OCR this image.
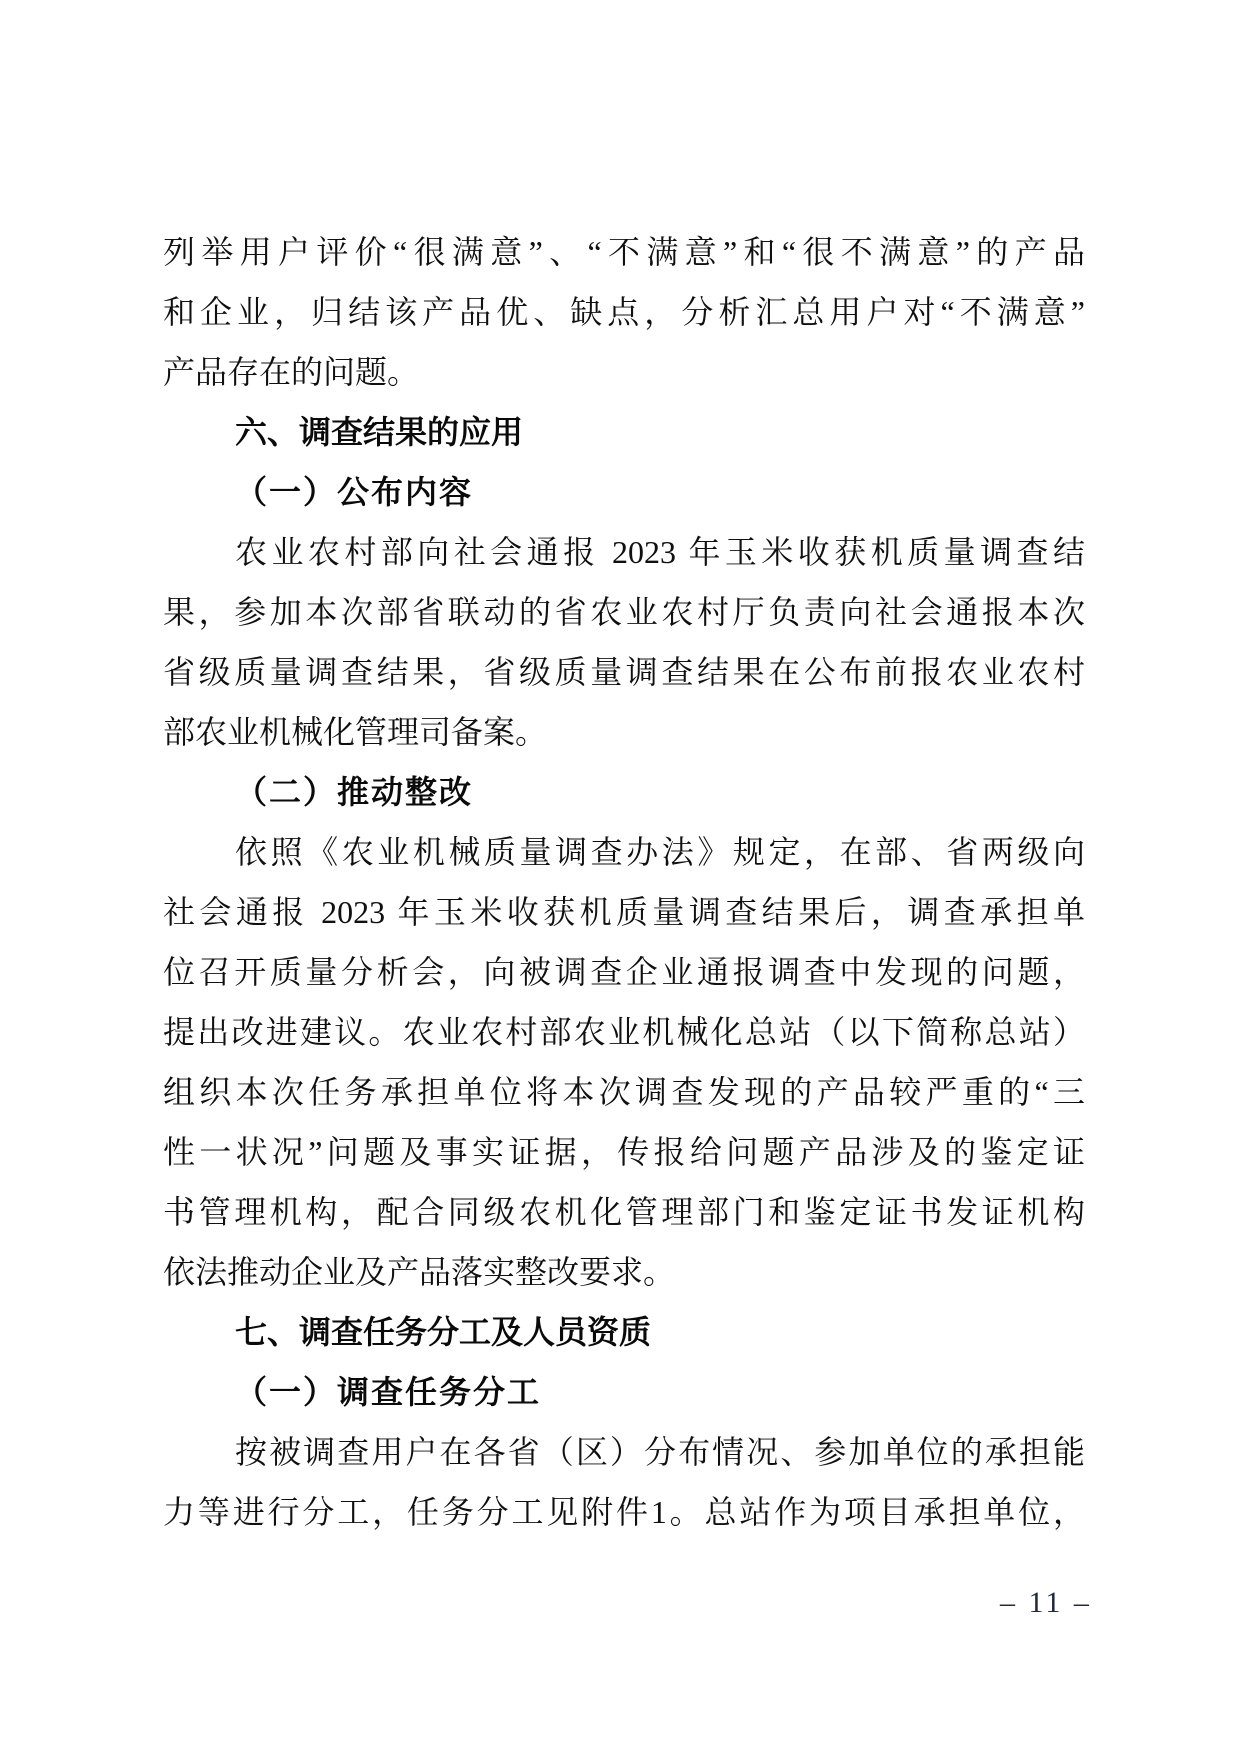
列举用户评价“很满意”、“不满意”和“很不满意”的产品
和企业，归结该产品优、缺点，分析汇总用户对“不满意”
产品存在的问题。
六、调查结果的应用
（一）公布内容
农业农村部向社会通报 2023 年玉米收获机质量调查结
果，参加本次部省联动的省农业农村厅负责向社会通报本次
省级质量调查结果，省级质量调查结果在公布前报农业农村
部农业机械化管理司备案。
（二）推动整改
依照《农业机械质量调查办法》规定，在部、省两级向
社会通报 2023 年玉米收获机质量调查结果后，调查承担单
位召开质量分析会，向被调查企业通报调查中发现的问题，
提出改进建议。农业农村部农业机械化总站（以下简称总站）
组织本次任务承担单位将本次调查发现的产品较严重的“三
性一状况”问题及事实证据，传报给问题产品涉及的鉴定证
书管理机构，配合同级农机化管理部门和鉴定证书发证机构
依法推动企业及产品落实整改要求。
七、调查任务分工及人员资质
（一）调查任务分工
按被调查用户在各省（区）分布情况、参加单位的承担能
力等进行分工，任务分工见附件1。总站作为项目承担单位，
– 11 –
